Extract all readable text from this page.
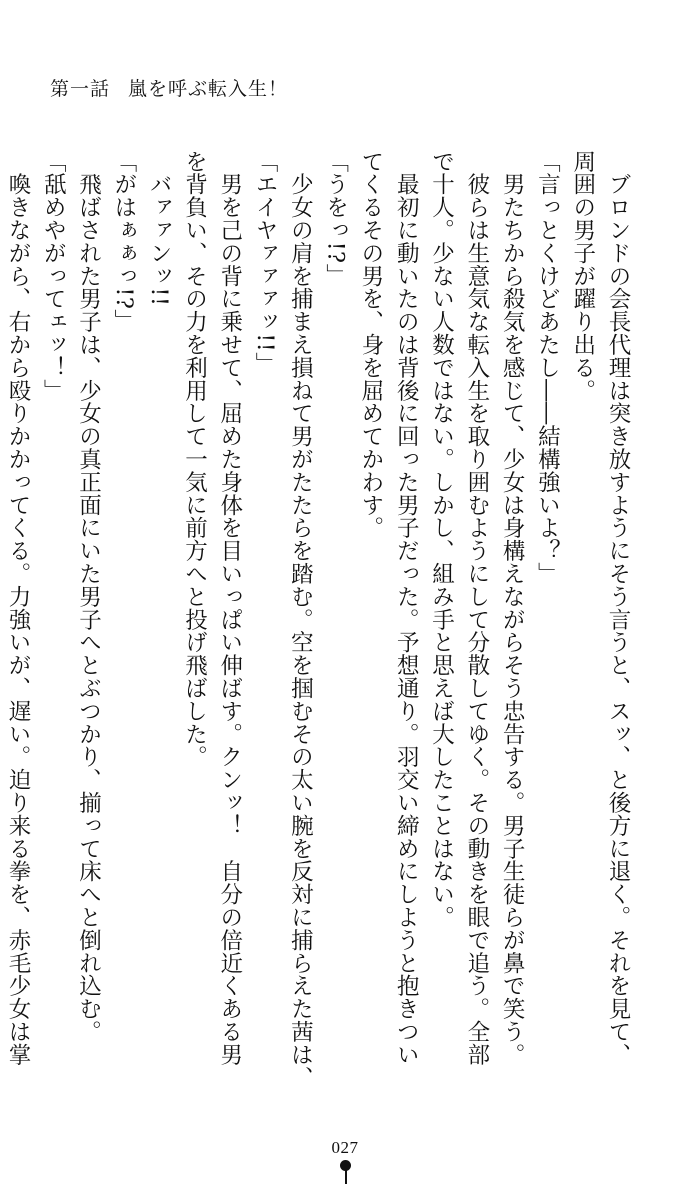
第一話 嵐を呼ぶ転入生！
　ブロンドの会長代理は突き放すようにそう言うと、スッ、と後方に退く。それを見て、
周囲の男子が躍り出る。
「言っとくけどあたし――結構強いよ？」
　男たちから殺気を感じて、少女は身構えながらそう忠告する。男子生徒らが鼻で笑う。
　彼らは生意気な転入生を取り囲むようにして分散してゆく。その動きを眼で追う。全部
で十人。少ない人数ではない。しかし、組み手と思えば大したことはない。
　最初に動いたのは背後に回った男子だった。予想通り。羽交い締めにしようと抱きつい
てくるその男を、身を屈めてかわす。
「うをっ!?」
　少女の肩を捕まえ損ねて男がたたらを踏む。空を掴むその太い腕を反対に捕らえた茜は、
「エイヤァァァッ!!」
　男を己の背に乗せて、屈めた身体を目いっぱい伸ばす。クンッ！　自分の倍近くある男
を背負い、その力を利用して一気に前方へと投げ飛ばした。
　バァァンッ!!
「がはぁぁっ!?」
　飛ばされた男子は、少女の真正面にいた男子へとぶつかり、揃って床へと倒れ込む。
「舐めやがってェッ！」
　喚きながら、右から殴りかかってくる。力強いが、遅い。迫り来る拳を、赤毛少女は掌
027
